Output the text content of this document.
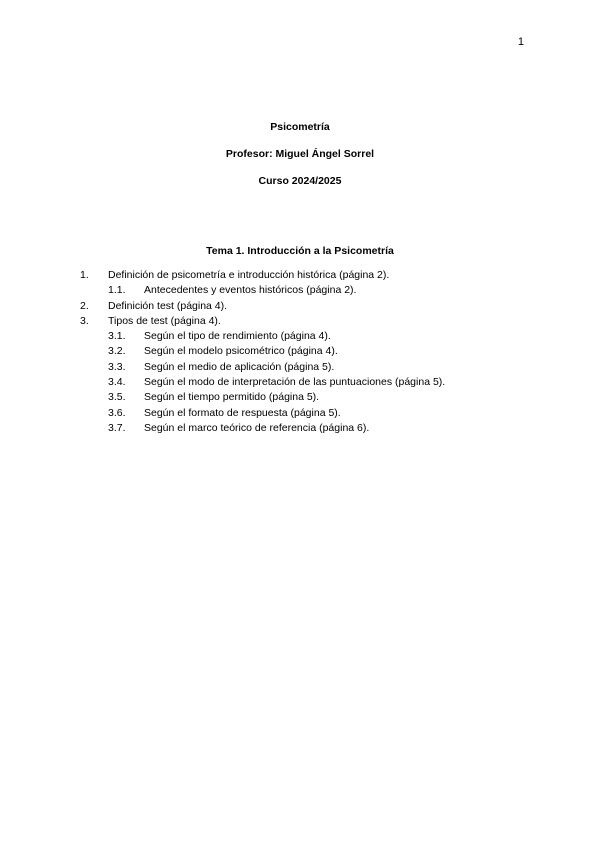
1
Psicometría
Profesor: Miguel Ángel Sorrel
Curso 2024/2025
Tema 1. Introducción a la Psicometría
1. Definición de psicometría e introducción histórica (página 2).
1.1. Antecedentes y eventos históricos (página 2).
2. Definición test (página 4).
3. Tipos de test (página 4).
3.1. Según el tipo de rendimiento (página 4).
3.2. Según el modelo psicométrico (página 4).
3.3. Según el medio de aplicación (página 5).
3.4. Según el modo de interpretación de las puntuaciones (página 5).
3.5. Según el tiempo permitido (página 5).
3.6. Según el formato de respuesta (página 5).
3.7. Según el marco teórico de referencia (página 6).
